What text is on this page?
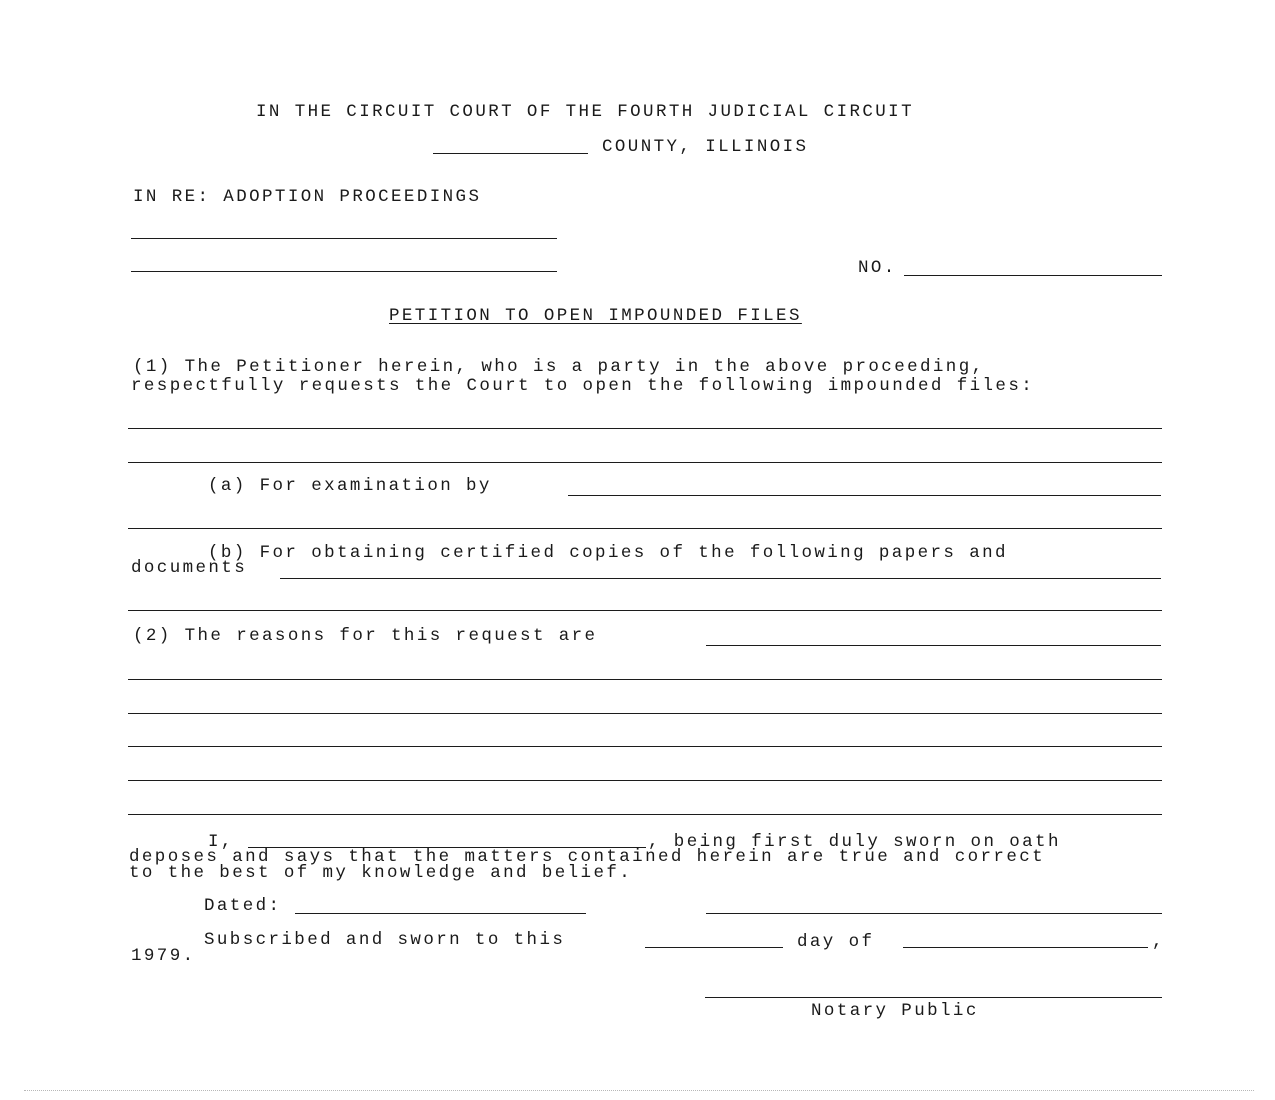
IN THE CIRCUIT COURT OF THE FOURTH JUDICIAL CIRCUIT
COUNTY, ILLINOIS
IN RE: ADOPTION PROCEEDINGS
NO.
PETITION TO OPEN IMPOUNDED FILES
(1) The Petitioner herein, who is a party in the above proceeding,
respectfully requests the Court to open the following impounded files:
(a) For examination by
(b) For obtaining certified copies of the following papers and
documents
(2) The reasons for this request are
I,	, being first duly sworn on oath
deposes and says that the matters contained herein are true and correct
to the best of my knowledge and belief.
Dated:
Subscribed and sworn to this	day of	,
1979.
Notary Public
